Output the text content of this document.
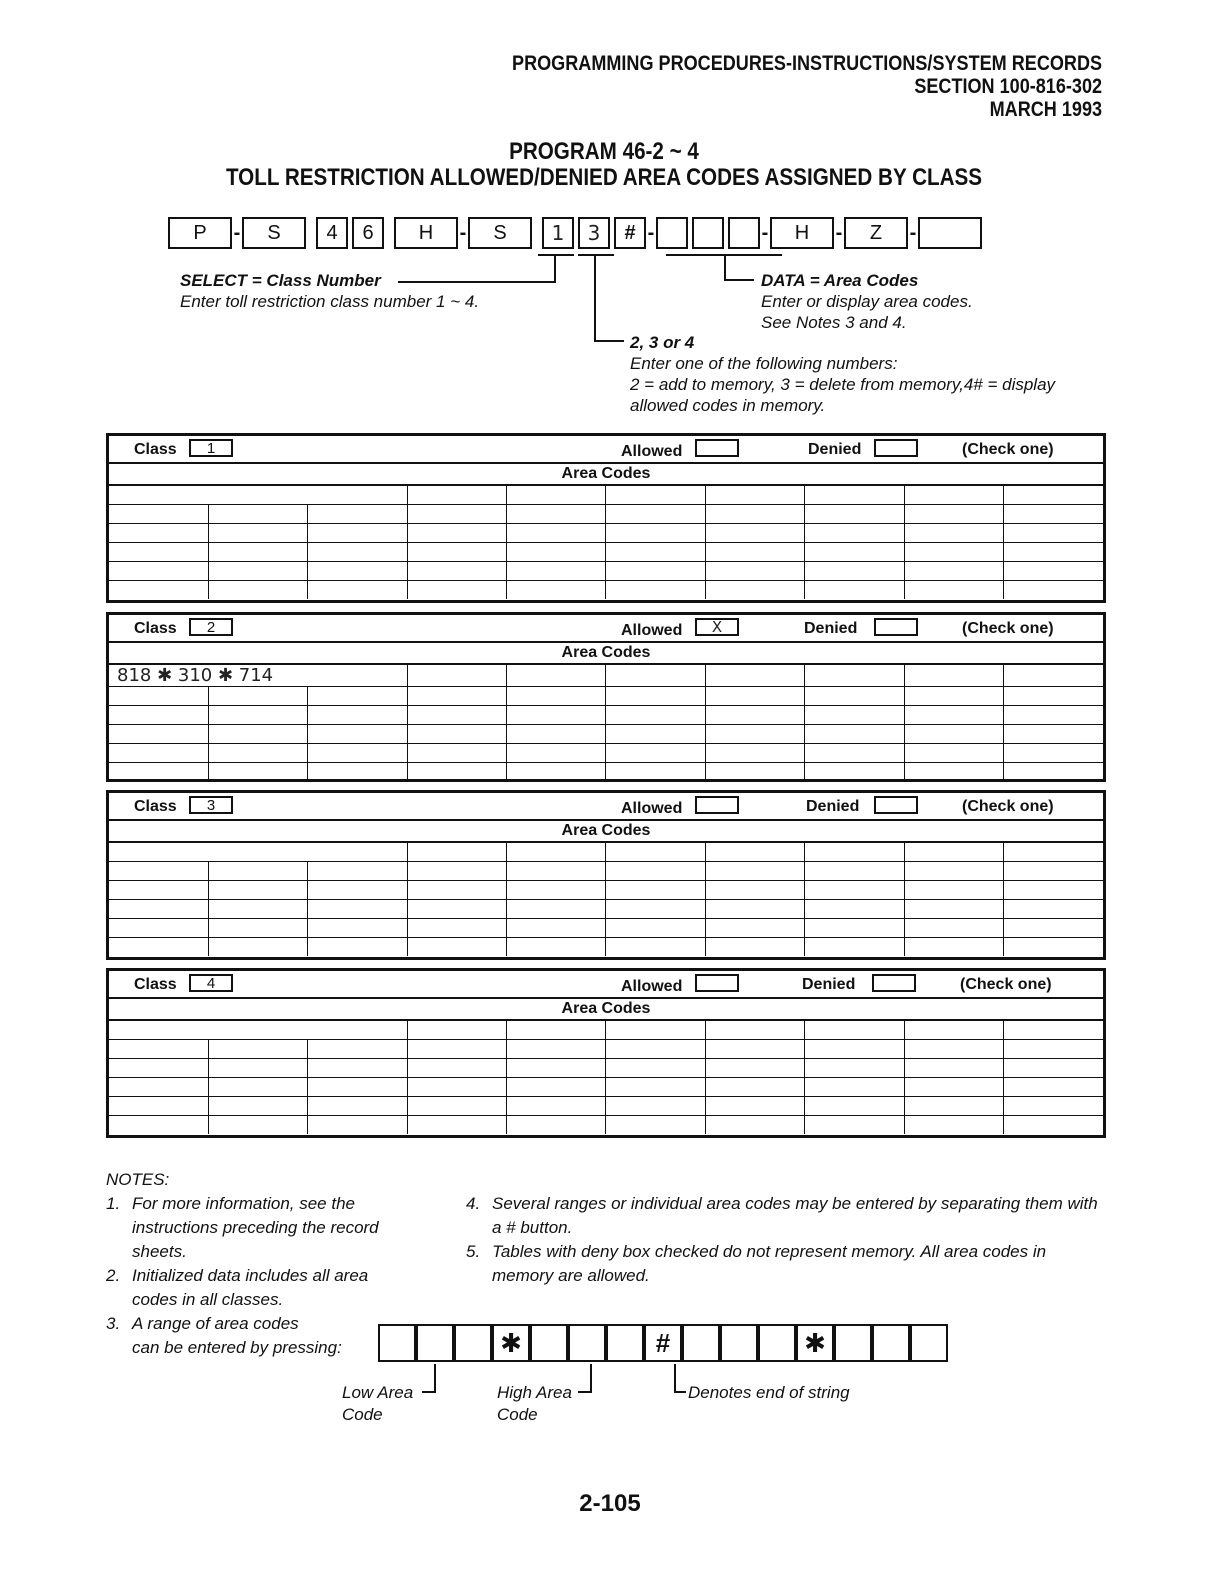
PROGRAMMING PROCEDURES-INSTRUCTIONS/SYSTEM RECORDS
SECTION 100-816-302
MARCH 1993
PROGRAM 46-2 ~ 4
TOLL RESTRICTION ALLOWED/DENIED AREA CODES ASSIGNED BY CLASS
P	-	S	4	6	H	-	S	1	3	# -	-	H	-	Z	-
SELECT = Class Number
Enter toll restriction class number 1 ~ 4.
DATA = Area Codes
Enter or display area codes.
See Notes 3 and 4.
2, 3 or 4
Enter one of the following numbers:
2 = add to memory, 3 = delete from memory,4# = display
allowed codes in memory.
Class	1	Allowed	Denied	(Check one)
Area Codes

Class	2	Allowed	X	Denied	(Check one)
Area Codes
818 ✱ 310 ✱ 714									

Class	3	Allowed	Denied	(Check one)
Area Codes

Class	4	Allowed	Denied	(Check one)
Area Codes

NOTES:
1. For more information, see the
instructions preceding the record
sheets.
2. Initialized data includes all area
codes in all classes.
3. A range of area codes
can be entered by pressing:
4. Several ranges or individual area codes may be entered by separating them with
a # button.
5. Tables with deny box checked do not represent memory. All area codes in
memory are allowed.
✱	#	✱
Low Area
Code
High Area
Code
Denotes end of string
2-105
